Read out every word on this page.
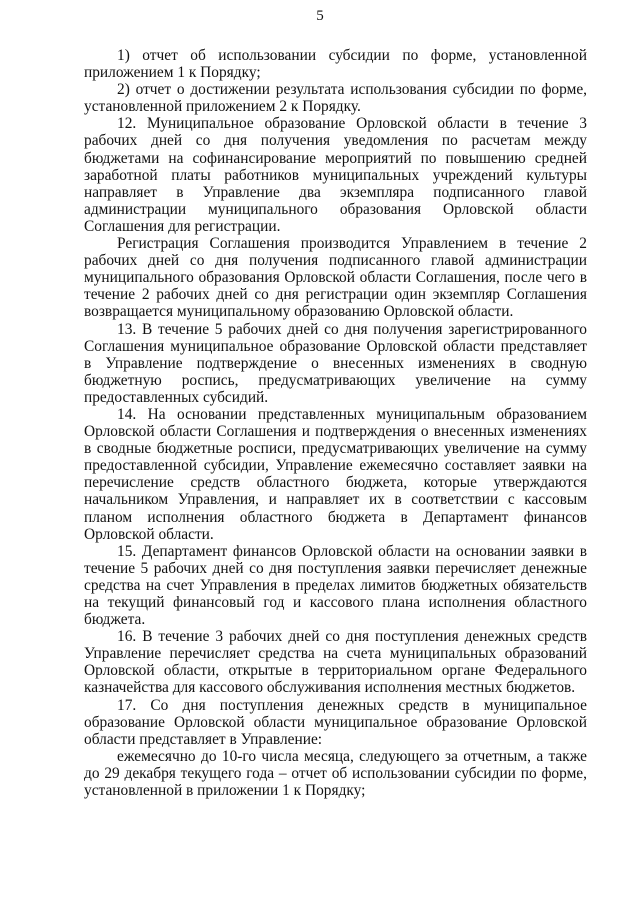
5

1) отчет об использовании субсидии по форме, установленной приложением 1 к Порядку;

2) отчет о достижении результата использования субсидии по форме, установленной приложением 2 к Порядку.

12. Муниципальное образование Орловской области в течение 3 рабочих дней со дня получения уведомления по расчетам между бюджетами на софинансирование мероприятий по повышению средней заработной платы работников муниципальных учреждений культуры направляет в Управление два экземпляра подписанного главой администрации муниципального образования Орловской области Соглашения для регистрации.

Регистрация Соглашения производится Управлением в течение 2 рабочих дней со дня получения подписанного главой администрации муниципального образования Орловской области Соглашения, после чего в течение 2 рабочих дней со дня регистрации один экземпляр Соглашения возвращается муниципальному образованию Орловской области.

13. В течение 5 рабочих дней со дня получения зарегистрированного Соглашения муниципальное образование Орловской области представляет в Управление подтверждение о внесенных изменениях в сводную бюджетную роспись, предусматривающих увеличение на сумму предоставленных субсидий.

14. На основании представленных муниципальным образованием Орловской области Соглашения и подтверждения о внесенных изменениях в сводные бюджетные росписи, предусматривающих увеличение на сумму предоставленной субсидии, Управление ежемесячно составляет заявки на перечисление средств областного бюджета, которые утверждаются начальником Управления, и направляет их в соответствии с кассовым планом исполнения областного бюджета в Департамент финансов Орловской области.

15. Департамент финансов Орловской области на основании заявки в течение 5 рабочих дней со дня поступления заявки перечисляет денежные средства на счет Управления в пределах лимитов бюджетных обязательств на текущий финансовый год и кассового плана исполнения областного бюджета.

16. В течение 3 рабочих дней со дня поступления денежных средств Управление перечисляет средства на счета муниципальных образований Орловской области, открытые в территориальном органе Федерального казначейства для кассового обслуживания исполнения местных бюджетов.

17. Со дня поступления денежных средств в муниципальное образование Орловской области муниципальное образование Орловской области представляет в Управление:

ежемесячно до 10-го числа месяца, следующего за отчетным, а также до 29 декабря текущего года – отчет об использовании субсидии по форме, установленной в приложении 1 к Порядку;
